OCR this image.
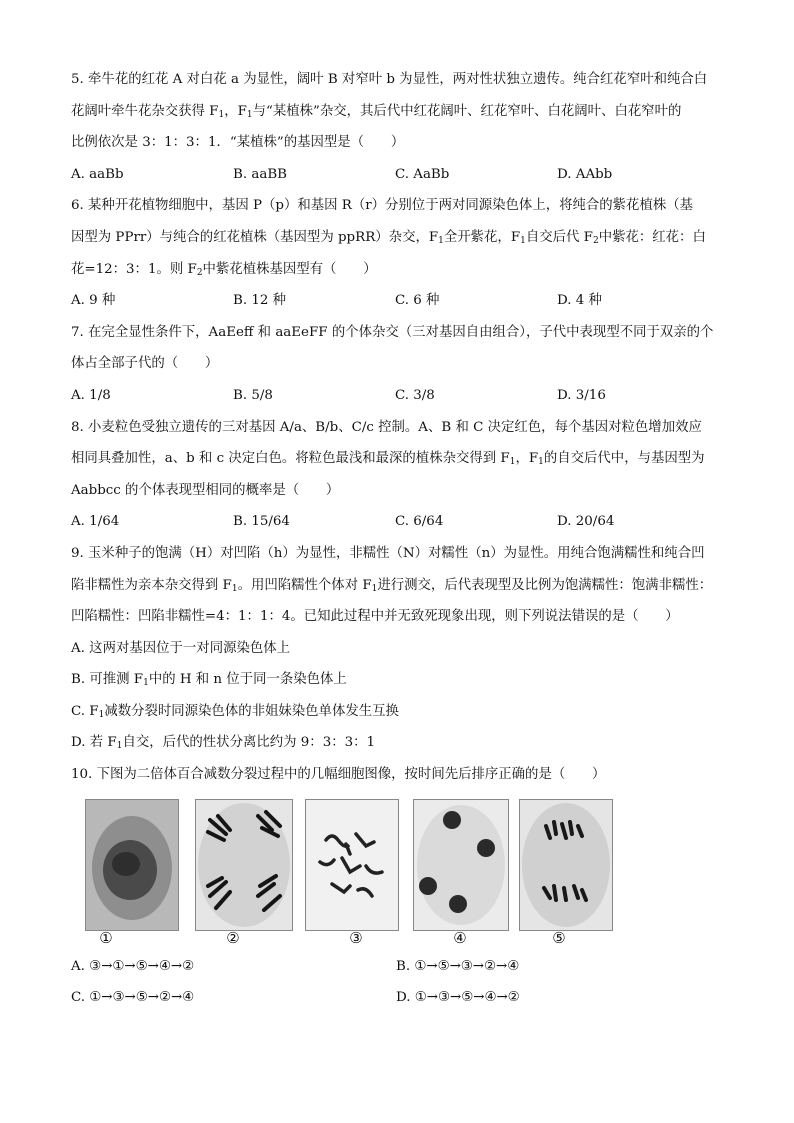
5. 牵牛花的红花 A 对白花 a 为显性，阔叶 B 对窄叶 b 为显性，两对性状独立遗传。纯合红花窄叶和纯合白
花阔叶牵牛花杂交获得 $F_1$，$F_1$与“某植株”杂交，其后代中红花阔叶、红花窄叶、白花阔叶、白花窄叶的
比例依次是 3：1：3：1．“某植株”的基因型是（　　）
A. aaBb	B. aaBB	C. AaBb	D. AAbb
6. 某种开花植物细胞中，基因 P（p）和基因 R（r）分别位于两对同源染色体上，将纯合的紫花植株（基
因型为 PPrr）与纯合的红花植株（基因型为 ppRR）杂交，$F_1$全开紫花，$F_1$自交后代 $F_2$中紫花：红花：白
花=12：3：1。则 $F_2$中紫花植株基因型有（　　）
A. 9 种	B. 12 种	C. 6 种	D. 4 种
7. 在完全显性条件下，AaEeff 和 aaEeFF 的个体杂交（三对基因自由组合），子代中表现型不同于双亲的个
体占全部子代的（　　）
A. 1/8	B. 5/8	C. 3/8	D. 3/16
8. 小麦粒色受独立遗传的三对基因 A/a、B/b、C/c 控制。A、B 和 C 决定红色，每个基因对粒色增加效应
相同具叠加性，a、b 和 c 决定白色。将粒色最浅和最深的植株杂交得到 $F_1$，$F_1$的自交后代中，与基因型为
Aabbcc 的个体表现型相同的概率是（　　）
A. 1/64	B. 15/64	C. 6/64	D. 20/64
9. 玉米种子的饱满（H）对凹陷（h）为显性，非糯性（N）对糯性（n）为显性。用纯合饱满糯性和纯合凹
陷非糯性为亲本杂交得到 $F_1$。用凹陷糯性个体对 $F_1$进行测交，后代表现型及比例为饱满糯性：饱满非糯性：
凹陷糯性：凹陷非糯性=4：1：1：4。已知此过程中并无致死现象出现，则下列说法错误的是（　　）
A. 这两对基因位于一对同源染色体上
B. 可推测 $F_1$中的 H 和 n 位于同一条染色体上
C. $F_1$减数分裂时同源染色体的非姐妹染色单体发生互换
D. 若 $F_1$自交，后代的性状分离比约为 9：3：3：1
10. 下图为二倍体百合减数分裂过程中的几幅细胞图像，按时间先后排序正确的是（　　）
①	②	③	④	⑤
A. ③→①→⑤→④→②	B. ①→⑤→③→②→④
C. ①→③→⑤→②→④	D. ①→③→⑤→④→②
